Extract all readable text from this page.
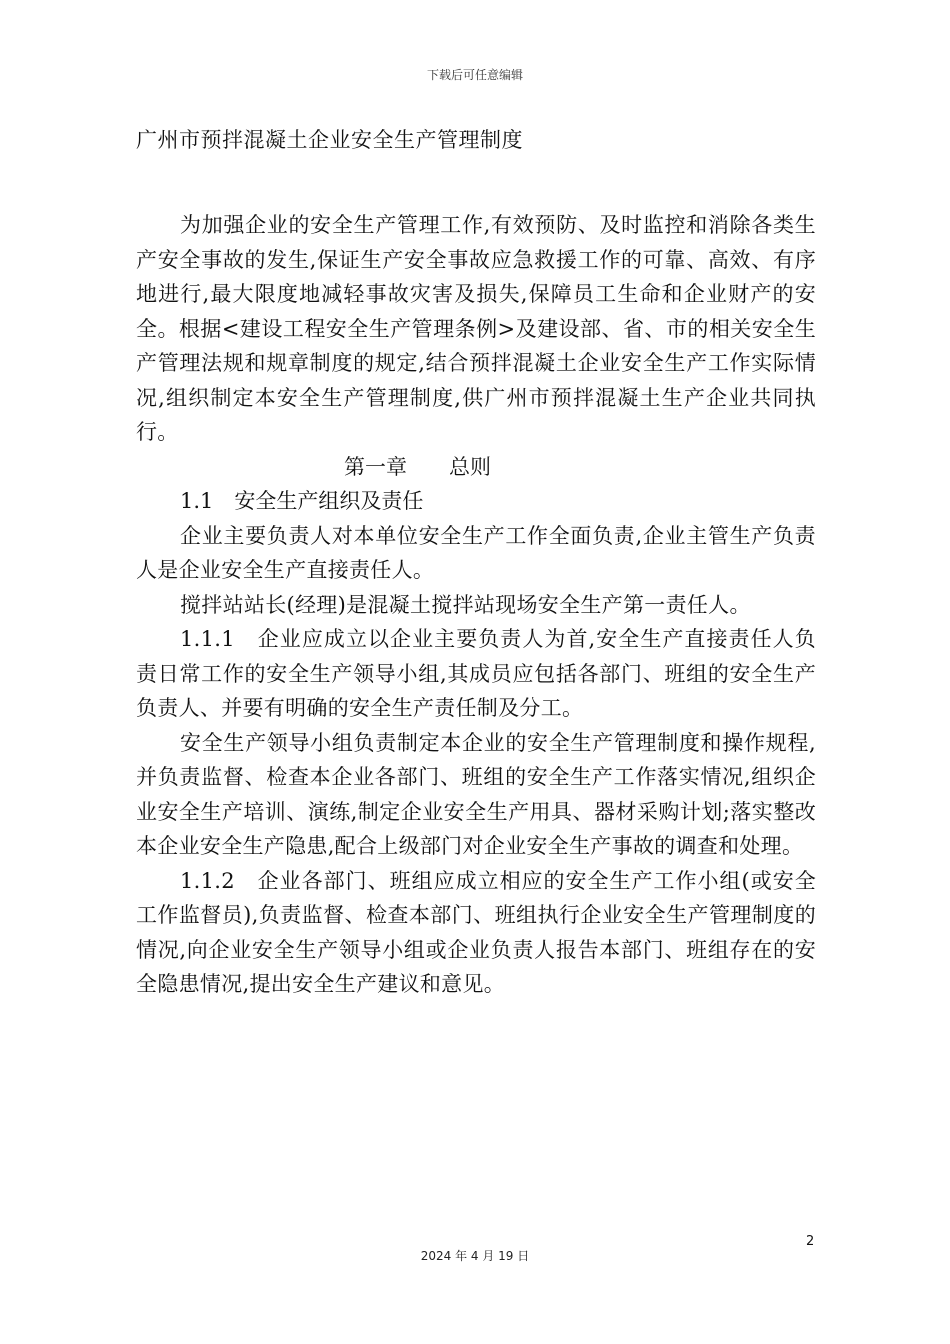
下载后可任意编辑
广州市预拌混凝土企业安全生产管理制度

为加强企业的安全生产管理工作,有效预防、及时监控和消除各类生产安全事故的发生,保证生产安全事故应急救援工作的可靠、高效、有序地进行,最大限度地减轻事故灾害及损失,保障员工生命和企业财产的安全。根据<建设工程安全生产管理条例>及建设部、省、市的相关安全生产管理法规和规章制度的规定,结合预拌混凝土企业安全生产工作实际情况,组织制定本安全生产管理制度,供广州市预拌混凝土生产企业共同执行。

第一章　　总则

1.1　安全生产组织及责任

企业主要负责人对本单位安全生产工作全面负责,企业主管生产负责人是企业安全生产直接责任人。

搅拌站站长(经理)是混凝土搅拌站现场安全生产第一责任人。

1.1.1　企业应成立以企业主要负责人为首,安全生产直接责任人负责日常工作的安全生产领导小组,其成员应包括各部门、班组的安全生产负责人、并要有明确的安全生产责任制及分工。

安全生产领导小组负责制定本企业的安全生产管理制度和操作规程,并负责监督、检查本企业各部门、班组的安全生产工作落实情况,组织企业安全生产培训、演练,制定企业安全生产用具、器材采购计划;落实整改本企业安全生产隐患,配合上级部门对企业安全生产事故的调查和处理。

1.1.2　企业各部门、班组应成立相应的安全生产工作小组(或安全工作监督员),负责监督、检查本部门、班组执行企业安全生产管理制度的情况,向企业安全生产领导小组或企业负责人报告本部门、班组存在的安全隐患情况,提出安全生产建议和意见。

2
2024 年 4 月 19 日
